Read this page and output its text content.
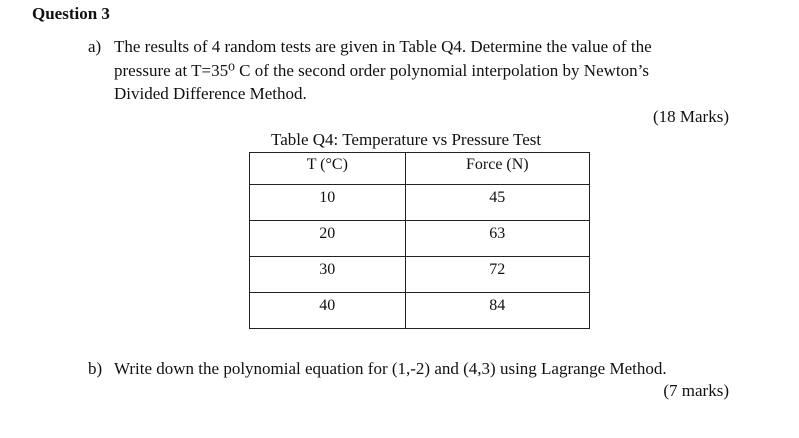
Question 3
a) The results of 4 random tests are given in Table Q4. Determine the value of the
pressure at T=35⁰ C of the second order polynomial interpolation by Newton’s
Divided Difference Method.
(18 Marks)
Table Q4: Temperature vs Pressure Test
T (°C)	Force (N)
10	45
20	63
30	72
40	84
b) Write down the polynomial equation for (1,-2) and (4,3) using Lagrange Method.
(7 marks)
